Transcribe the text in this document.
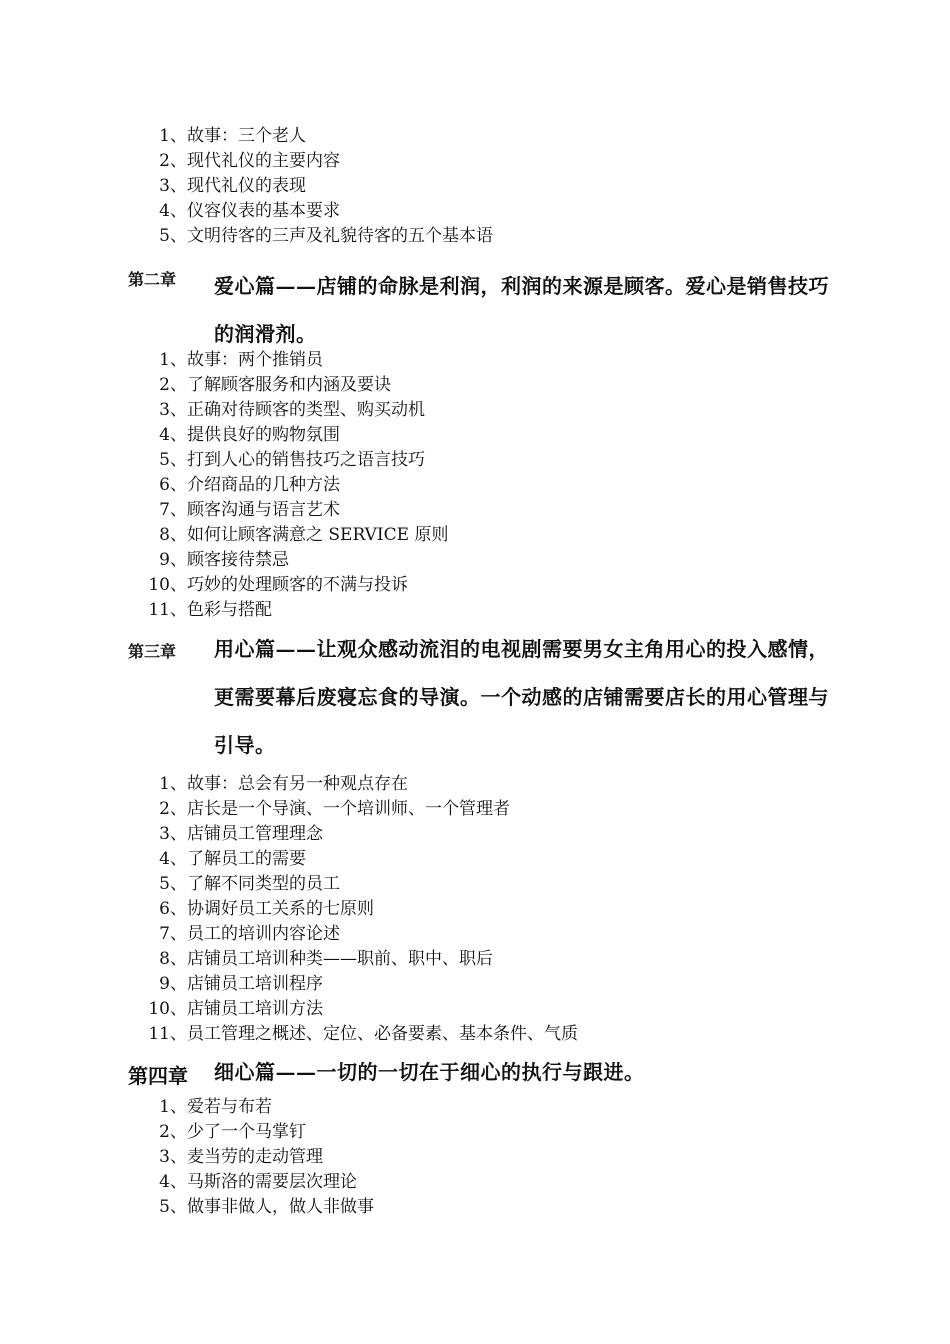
1、故事：三个老人
2、现代礼仪的主要内容
3、现代礼仪的表现
4、仪容仪表的基本要求
5、文明待客的三声及礼貌待客的五个基本语
第二章 爱心篇——店铺的命脉是利润，利润的来源是顾客。爱心是销售技巧的润滑剂。
1、故事：两个推销员
2、了解顾客服务和内涵及要诀
3、正确对待顾客的类型、购买动机
4、提供良好的购物氛围
5、打到人心的销售技巧之语言技巧
6、介绍商品的几种方法
7、顾客沟通与语言艺术
8、如何让顾客满意之 SERVICE 原则
9、顾客接待禁忌
10、巧妙的处理顾客的不满与投诉
11、色彩与搭配
第三章 用心篇——让观众感动流泪的电视剧需要男女主角用心的投入感情，更需要幕后废寝忘食的导演。一个动感的店铺需要店长的用心管理与引导。
1、故事：总会有另一种观点存在
2、店长是一个导演、一个培训师、一个管理者
3、店铺员工管理理念
4、了解员工的需要
5、了解不同类型的员工
6、协调好员工关系的七原则
7、员工的培训内容论述
8、店铺员工培训种类——职前、职中、职后
9、店铺员工培训程序
10、店铺员工培训方法
11、员工管理之概述、定位、必备要素、基本条件、气质
第四章 细心篇——一切的一切在于细心的执行与跟进。
1、爱若与布若
2、少了一个马掌钉
3、麦当劳的走动管理
4、马斯洛的需要层次理论
5、做事非做人，做人非做事
